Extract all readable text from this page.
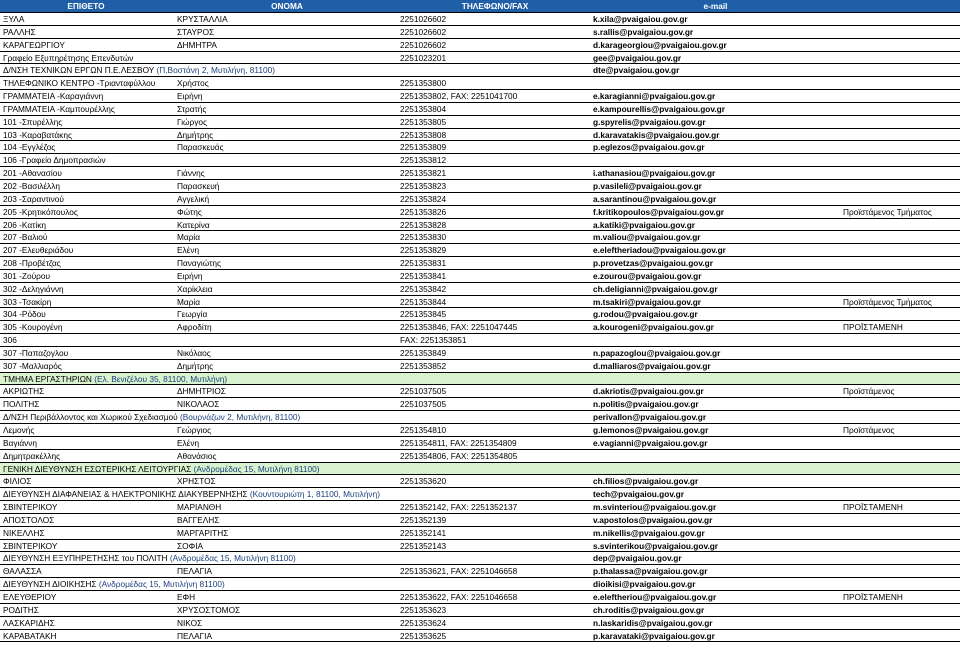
ΕΠΙΘΕΤΟ	ΟΝΟΜΑ	ΤΗΛΕΦΩΝΟ/FAX	e-mail
ΞΥΛΑ	ΚΡΥΣΤΑΛΛΙΑ	2251026602	k.xila@pvaigaiou.gov.gr
ΡΑΛΛΗΣ	ΣΤΑΥΡΟΣ	2251026602	s.rallis@pvaigaiou.gov.gr
ΚΑΡΑΓΕΩΡΓΙΟΥ	ΔΗΜΗΤΡΑ	2251026602	d.karageorgiou@pvaigaiou.gov.gr
Γραφείο Εξυπηρέτησης Επενδυτών	2251023201	gee@pvaigaiou.gov.gr
Δ/ΝΣΗ ΤΕΧΝΙΚΩΝ ΕΡΓΩΝ Π.Ε.ΛΕΣΒΟΥ (Π.Βοστάνη 2, Μυτιλήνη, 81100)	dte@pvaigaiou.gov.gr
ΤΗΛΕΦΩΝΙΚΟ ΚΕΝΤΡΟ -Τριανταφύλλου	Χρήστος	2251353800
ΓΡΑΜΜΑΤΕΙΑ -Καραγιάννη	Ειρήνη	2251353802, FAX: 2251041700	e.karagianni@pvaigaiou.gov.gr
ΓΡΑΜΜΑΤΕΙΑ -Καμπουρέλλης	Στρατής	2251353804	e.kampourellis@pvaigaiou.gov.gr
101 -Σπυρέλλης	Γιώργος	2251353805	g.spyrelis@pvaigaiou.gov.gr
103 -Καραβατάκης	Δημήτρης	2251353808	d.karavatakis@pvaigaiou.gov.gr
104 -Εγγλέζος	Παρασκευάς	2251353809	p.eglezos@pvaigaiou.gov.gr
106 -Γραφείο Δημοπρασιών	2251353812
201 -Αθανασίου	Γιάννης	2251353821	i.athanasiou@pvaigaiou.gov.gr
202 -Βασιλέλλη	Παρασκευή	2251353823	p.vasileli@pvaigaiou.gov.gr
203 -Σαραντινού	Αγγελική	2251353824	a.sarantinou@pvaigaiou.gov.gr
205 -Κρητικόπουλος	Φώτης	2251353826	f.kritikopoulos@pvaigaiou.gov.gr	Προϊστάμενος Τμήματος
206 -Κατίκη	Κατερίνα	2251353828	a.katiki@pvaigaiou.gov.gr
207 -Βαλιού	Μαρία	2251353830	m.valiou@pvaigaiou.gov.gr
207 -Ελευθεριάδου	Ελένη	2251353829	e.eleftheriadou@pvaigaiou.gov.gr
208 -Προβέτζας	Παναγιώτης	2251353831	p.provetzas@pvaigaiou.gov.gr
301 -Ζούρου	Ειρήνη	2251353841	e.zourou@pvaigaiou.gov.gr
302 -Δεληγιάννη	Χαρίκλεια	2251353842	ch.deligianni@pvaigaiou.gov.gr
303 -Τσακίρη	Μαρία	2251353844	m.tsakiri@pvaigaiou.gov.gr	Προϊστάμενος Τμήματος
304 -Ρόδου	Γεωργία	2251353845	g.rodou@pvaigaiou.gov.gr
305 -Κουρογένη	Αφροδίτη	2251353846, FAX: 2251047445	a.kourogeni@pvaigaiou.gov.gr	ΠΡΟΪΣΤΑΜΕΝΗ
306	FAX: 2251353851
307 -Παπαζογλου	Νικόλαος	2251353849	n.papazoglou@pvaigaiou.gov.gr
307 -Μαλλιαρός	Δημήτρης	2251353852	d.malliaros@pvaigaiou.gov.gr
ΤΜΗΜΑ ΕΡΓΑΣΤΗΡΙΩΝ (Ελ. Βενιζέλου 35, 81100, Μυτιλήνη)
ΑΚΡΙΩΤΗΣ	ΔΗΜΗΤΡΙΟΣ	2251037505	d.akriotis@pvaigaiou.gov.gr	Προϊστάμενος
ΠΟΛΙΤΗΣ	ΝΙΚΟΛΑΟΣ	2251037505	n.politis@pvaigaiou.gov.gr
Δ/ΝΣΗ Περιβάλλοντος και Χωρικού Σχεδιασμού (Βουρνάζων 2, Μυτιλήνη, 81100)	perivallon@pvaigaiou.gov.gr
Λεμονής	Γεώργιος	2251354810	g.lemonos@pvaigaiou.gov.gr	Προϊστάμενος
Βαγιάννη	Ελένη	2251354811, FAX: 2251354809	e.vagianni@pvaigaiou.gov.gr
Δημητρακέλλης	Αθανάσιος	2251354806, FAX: 2251354805
ΓΕΝΙΚΗ ΔΙΕΥΘΥΝΣΗ ΕΣΩΤΕΡΙΚΗΣ ΛΕΙΤΟΥΡΓΙΑΣ (Ανδρομέδας 15, Μυτιλήνη 81100)
ΦΙΛΙΟΣ	ΧΡΗΣΤΟΣ	2251353620	ch.filios@pvaigaiou.gov.gr
ΔΙΕΥΘΥΝΣΗ ΔΙΑΦΑΝΕΙΑΣ & ΗΛΕΚΤΡΟΝΙΚΗΣ ΔΙΑΚΥΒΕΡΝΗΣΗΣ (Κουντουριώτη 1, 81100, Μυτιλήνη)	tech@pvaigaiou.gov.gr
ΣΒΙΝΤΕΡΙΚΟΥ	ΜΑΡΙΑΝΘΗ	2251352142, FAX: 2251352137	m.svinteriou@pvaigaiou.gov.gr	ΠΡΟΪΣΤΑΜΕΝΗ
ΑΠΟΣΤΟΛΟΣ	ΒΑΓΓΕΛΗΣ	2251352139	v.apostolos@pvaigaiou.gov.gr
ΝΙΚΕΛΛΗΣ	ΜΑΡΓΑΡΙΤΗΣ	2251352141	m.nikellis@pvaigaiou.gov.gr
ΣΒΙΝΤΕΡΙΚΟΥ	ΣΟΦΙΑ	2251352143	s.svinterikou@pvaigaiou.gov.gr
ΔΙΕΥΘΥΝΣΗ ΕΞΥΠΗΡΕΤΗΣΗΣ του ΠΟΛΙΤΗ (Ανδρομέδας 15, Μυτιλήνη 81100)	dep@pvaigaiou.gov.gr
ΘΑΛΑΣΣΑ	ΠΕΛΑΓΙΑ	2251353621, FAX: 2251046658	p.thalassa@pvaigaiou.gov.gr
ΔΙΕΥΘΥΝΣΗ ΔΙΟΙΚΗΣΗΣ (Ανδρομέδας 15, Μυτιλήνη 81100)	dioikisi@pvaigaiou.gov.gr
ΕΛΕΥΘΕΡΙΟΥ	ΕΦΗ	2251353622, FAX: 2251046658	e.eleftheriou@pvaigaiou.gov.gr	ΠΡΟΪΣΤΑΜΕΝΗ
ΡΟΔΙΤΗΣ	ΧΡΥΣΟΣΤΟΜΟΣ	2251353623	ch.roditis@pvaigaiou.gov.gr
ΛΑΣΚΑΡΙΔΗΣ	ΝΙΚΟΣ	2251353624	n.laskaridis@pvaigaiou.gov.gr
ΚΑΡΑΒΑΤΑΚΗ	ΠΕΛΑΓΙΑ	2251353625	p.karavataki@pvaigaiou.gov.gr
